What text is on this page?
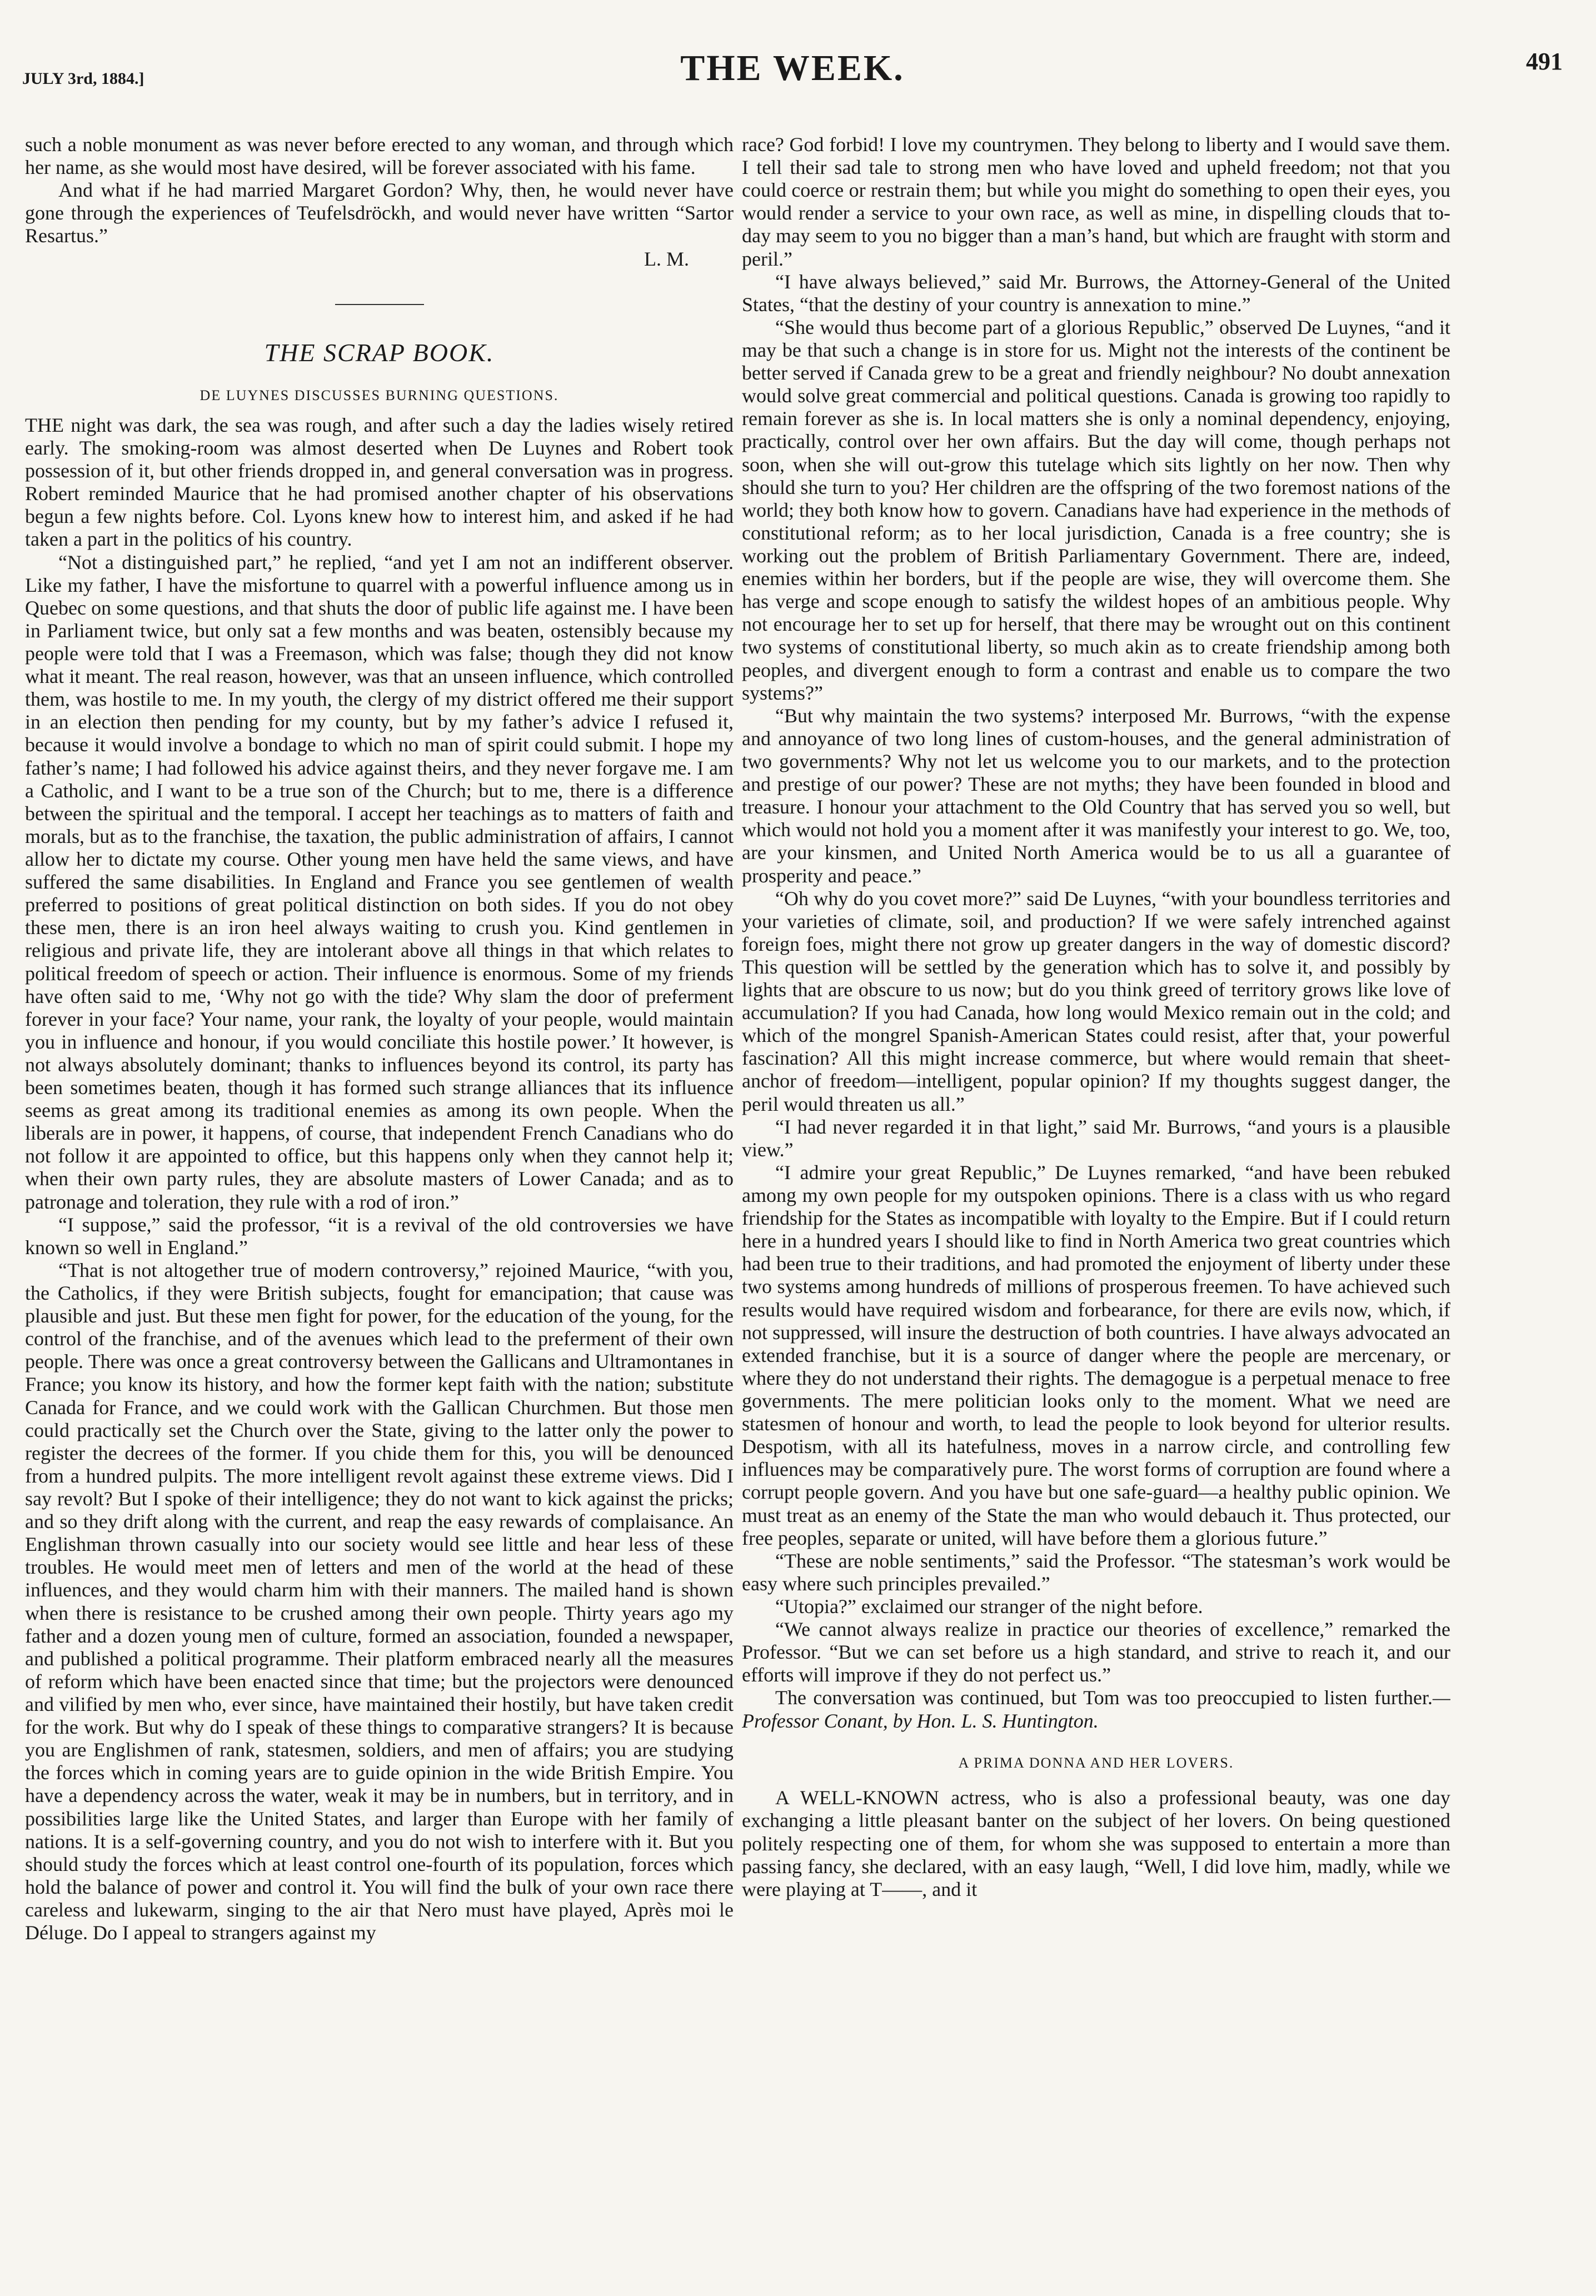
JULY 3rd, 1884.]	THE WEEK.	491

such a noble monument as was never before erected to any woman, and through which her name, as she would most have desired, will be forever associated with his fame.

And what if he had married Margaret Gordon? Why, then, he would never have gone through the experiences of Teufelsdröckh, and would never have written “Sartor Resartus.”

L. M.
THE SCRAP BOOK.
DE LUYNES DISCUSSES BURNING QUESTIONS.

THE night was dark, the sea was rough, and after such a day the ladies wisely retired early. The smoking-room was almost deserted when De Luynes and Robert took possession of it, but other friends dropped in, and general conversation was in progress. Robert reminded Maurice that he had promised another chapter of his observations begun a few nights before. Col. Lyons knew how to interest him, and asked if he had taken a part in the politics of his country.

“Not a distinguished part,” he replied, “and yet I am not an indifferent observer. Like my father, I have the misfortune to quarrel with a powerful influence among us in Quebec on some questions, and that shuts the door of public life against me. I have been in Parliament twice, but only sat a few months and was beaten, ostensibly because my people were told that I was a Freemason, which was false; though they did not know what it meant. The real reason, however, was that an unseen influence, which controlled them, was hostile to me. In my youth, the clergy of my district offered me their support in an election then pending for my county, but by my father’s advice I refused it, because it would involve a bondage to which no man of spirit could submit. I hope my father’s name; I had followed his advice against theirs, and they never forgave me. I am a Catholic, and I want to be a true son of the Church; but to me, there is a difference between the spiritual and the temporal. I accept her teachings as to matters of faith and morals, but as to the franchise, the taxation, the public administration of affairs, I cannot allow her to dictate my course. Other young men have held the same views, and have suffered the same disabilities. In England and France you see gentlemen of wealth preferred to positions of great political distinction on both sides. If you do not obey these men, there is an iron heel always waiting to crush you. Kind gentlemen in religious and private life, they are intolerant above all things in that which relates to political freedom of speech or action. Their influence is enormous. Some of my friends have often said to me, ‘Why not go with the tide? Why slam the door of preferment forever in your face? Your name, your rank, the loyalty of your people, would maintain you in influence and honour, if you would conciliate this hostile power.’ It however, is not always absolutely dominant; thanks to influences beyond its control, its party has been sometimes beaten, though it has formed such strange alliances that its influence seems as great among its traditional enemies as among its own people. When the liberals are in power, it happens, of course, that independent French Canadians who do not follow it are appointed to office, but this happens only when they cannot help it; when their own party rules, they are absolute masters of Lower Canada; and as to patronage and toleration, they rule with a rod of iron.”

“I suppose,” said the professor, “it is a revival of the old controversies we have known so well in England.”

“That is not altogether true of modern controversy,” rejoined Maurice, “with you, the Catholics, if they were British subjects, fought for emancipation; that cause was plausible and just. But these men fight for power, for the education of the young, for the control of the franchise, and of the avenues which lead to the preferment of their own people. There was once a great controversy between the Gallicans and Ultramontanes in France; you know its history, and how the former kept faith with the nation; substitute Canada for France, and we could work with the Gallican Churchmen. But those men could practically set the Church over the State, giving to the latter only the power to register the decrees of the former. If you chide them for this, you will be denounced from a hundred pulpits. The more intelligent revolt against these extreme views. Did I say revolt? But I spoke of their intelligence; they do not want to kick against the pricks; and so they drift along with the current, and reap the easy rewards of complaisance. An Englishman thrown casually into our society would see little and hear less of these troubles. He would meet men of letters and men of the world at the head of these influences, and they would charm him with their manners. The mailed hand is shown when there is resistance to be crushed among their own people. Thirty years ago my father and a dozen young men of culture, formed an association, founded a newspaper, and published a political programme. Their platform embraced nearly all the measures of reform which have been enacted since that time; but the projectors were denounced and vilified by men who, ever since, have maintained their hostily, but have taken credit for the work. But why do I speak of these things to comparative strangers? It is because you are Englishmen of rank, statesmen, soldiers, and men of affairs; you are studying the forces which in coming years are to guide opinion in the wide British Empire. You have a dependency across the water, weak it may be in numbers, but in territory, and in possibilities large like the United States, and larger than Europe with her family of nations. It is a self-governing country, and you do not wish to interfere with it. But you should study the forces which at least control one-fourth of its population, forces which hold the balance of power and control it. You will find the bulk of your own race there careless and lukewarm, singing to the air that Nero must have played, Après moi le Déluge. Do I appeal to strangers against my

race? God forbid! I love my countrymen. They belong to liberty and I would save them. I tell their sad tale to strong men who have loved and upheld freedom; not that you could coerce or restrain them; but while you might do something to open their eyes, you would render a service to your own race, as well as mine, in dispelling clouds that to-day may seem to you no bigger than a man’s hand, but which are fraught with storm and peril.”

“I have always believed,” said Mr. Burrows, the Attorney-General of the United States, “that the destiny of your country is annexation to mine.”

“She would thus become part of a glorious Republic,” observed De Luynes, “and it may be that such a change is in store for us. Might not the interests of the continent be better served if Canada grew to be a great and friendly neighbour? No doubt annexation would solve great commercial and political questions. Canada is growing too rapidly to remain forever as she is. In local matters she is only a nominal dependency, enjoying, practically, control over her own affairs. But the day will come, though perhaps not soon, when she will out-grow this tutelage which sits lightly on her now. Then why should she turn to you? Her children are the offspring of the two foremost nations of the world; they both know how to govern. Canadians have had experience in the methods of constitutional reform; as to her local jurisdiction, Canada is a free country; she is working out the problem of British Parliamentary Government. There are, indeed, enemies within her borders, but if the people are wise, they will overcome them. She has verge and scope enough to satisfy the wildest hopes of an ambitious people. Why not encourage her to set up for herself, that there may be wrought out on this continent two systems of constitutional liberty, so much akin as to create friendship among both peoples, and divergent enough to form a contrast and enable us to compare the two systems?”

“But why maintain the two systems? interposed Mr. Burrows, “with the expense and annoyance of two long lines of custom-houses, and the general administration of two governments? Why not let us welcome you to our markets, and to the protection and prestige of our power? These are not myths; they have been founded in blood and treasure. I honour your attachment to the Old Country that has served you so well, but which would not hold you a moment after it was manifestly your interest to go. We, too, are your kinsmen, and United North America would be to us all a guarantee of prosperity and peace.”

“Oh why do you covet more?” said De Luynes, “with your boundless territories and your varieties of climate, soil, and production? If we were safely intrenched against foreign foes, might there not grow up greater dangers in the way of domestic discord? This question will be settled by the generation which has to solve it, and possibly by lights that are obscure to us now; but do you think greed of territory grows like love of accumulation? If you had Canada, how long would Mexico remain out in the cold; and which of the mongrel Spanish-American States could resist, after that, your powerful fascination? All this might increase commerce, but where would remain that sheet-anchor of freedom—intelligent, popular opinion? If my thoughts suggest danger, the peril would threaten us all.”

“I had never regarded it in that light,” said Mr. Burrows, “and yours is a plausible view.”

“I admire your great Republic,” De Luynes remarked, “and have been rebuked among my own people for my outspoken opinions. There is a class with us who regard friendship for the States as incompatible with loyalty to the Empire. But if I could return here in a hundred years I should like to find in North America two great countries which had been true to their traditions, and had promoted the enjoyment of liberty under these two systems among hundreds of millions of prosperous freemen. To have achieved such results would have required wisdom and forbearance, for there are evils now, which, if not suppressed, will insure the destruction of both countries. I have always advocated an extended franchise, but it is a source of danger where the people are mercenary, or where they do not understand their rights. The demagogue is a perpetual menace to free governments. The mere politician looks only to the moment. What we need are statesmen of honour and worth, to lead the people to look beyond for ulterior results. Despotism, with all its hatefulness, moves in a narrow circle, and controlling few influences may be comparatively pure. The worst forms of corruption are found where a corrupt people govern. And you have but one safe-guard—a healthy public opinion. We must treat as an enemy of the State the man who would debauch it. Thus protected, our free peoples, separate or united, will have before them a glorious future.”

“These are noble sentiments,” said the Professor. “The statesman’s work would be easy where such principles prevailed.”

“Utopia?” exclaimed our stranger of the night before.

“We cannot always realize in practice our theories of excellence,” remarked the Professor. “But we can set before us a high standard, and strive to reach it, and our efforts will improve if they do not perfect us.”

The conversation was continued, but Tom was too preoccupied to listen further.—Professor Conant, by Hon. L. S. Huntington.

A PRIMA DONNA AND HER LOVERS.

A WELL-KNOWN actress, who is also a professional beauty, was one day exchanging a little pleasant banter on the subject of her lovers. On being questioned politely respecting one of them, for whom she was supposed to entertain a more than passing fancy, she declared, with an easy laugh, “Well, I did love him, madly, while we were playing at T——, and it
